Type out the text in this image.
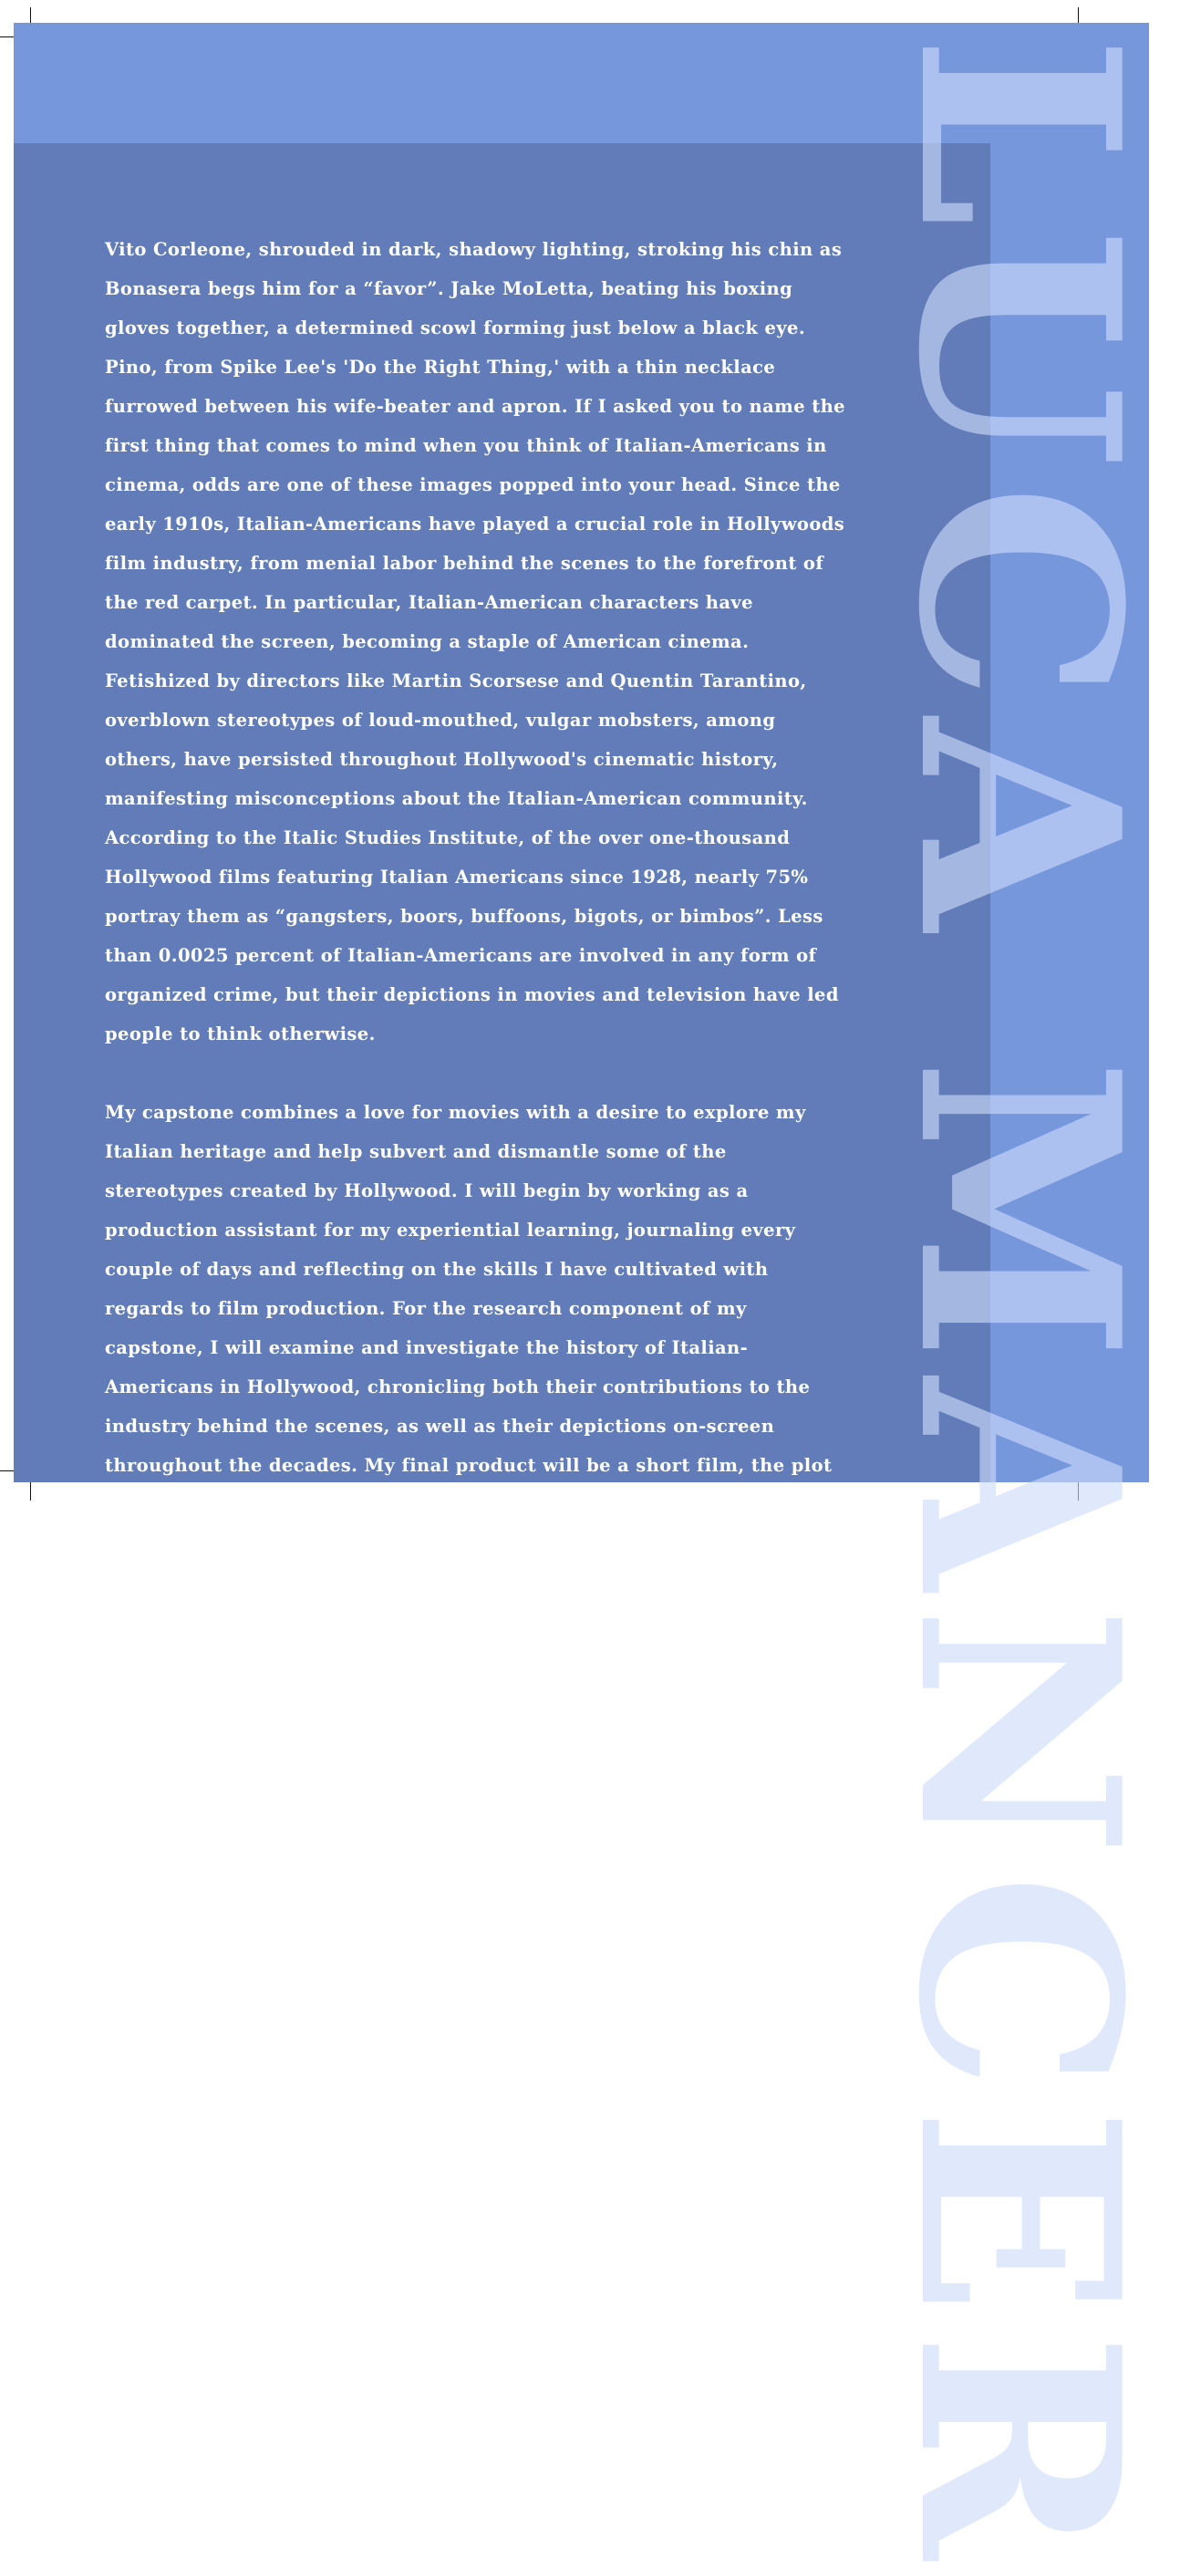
LUCA MANCER

Vito Corleone, shrouded in dark, shadowy lighting, stroking his chin as Bonasera begs him for a “favor”. Jake MoLetta, beating his boxing gloves together, a determined scowl forming just below a black eye. Pino, from Spike Lee's 'Do the Right Thing,' with a thin necklace furrowed between his wife-beater and apron. If I asked you to name the first thing that comes to mind when you think of Italian-Americans in cinema, odds are one of these images popped into your head. Since the early 1910s, Italian-Americans have played a crucial role in Hollywoods film industry, from menial labor behind the scenes to the forefront of the red carpet. In particular, Italian-American characters have dominated the screen, becoming a staple of American cinema. Fetishized by directors like Martin Scorsese and Quentin Tarantino, overblown stereotypes of loud-mouthed, vulgar mobsters, among others, have persisted throughout Hollywood's cinematic history, manifesting misconceptions about the Italian-American community. According to the Italic Studies Institute, of the over one-thousand Hollywood films featuring Italian Americans since 1928, nearly 75% portray them as “gangsters, boors, buffoons, bigots, or bimbos”. Less than 0.0025 percent of Italian-Americans are involved in any form of organized crime, but their depictions in movies and television have led people to think otherwise.

My capstone combines a love for movies with a desire to explore my Italian heritage and help subvert and dismantle some of the stereotypes created by Hollywood. I will begin by working as a production assistant for my experiential learning, journaling every couple of days and reflecting on the skills I have cultivated with regards to film production. For the research component of my capstone, I will examine and investigate the history of Italian-Americans in Hollywood, chronicling both their contributions to the industry behind the scenes, as well as their depictions on-screen throughout the decades. My final product will be a short film, the plot of which still remains unknown. The central theme, however, will be Italian-American identity, and a large portion of the movie will be devoted to dismantling many of the classic Italian stereotypes through satire, and creating what I consider to be a more accurate depiction of Italian-American life.
